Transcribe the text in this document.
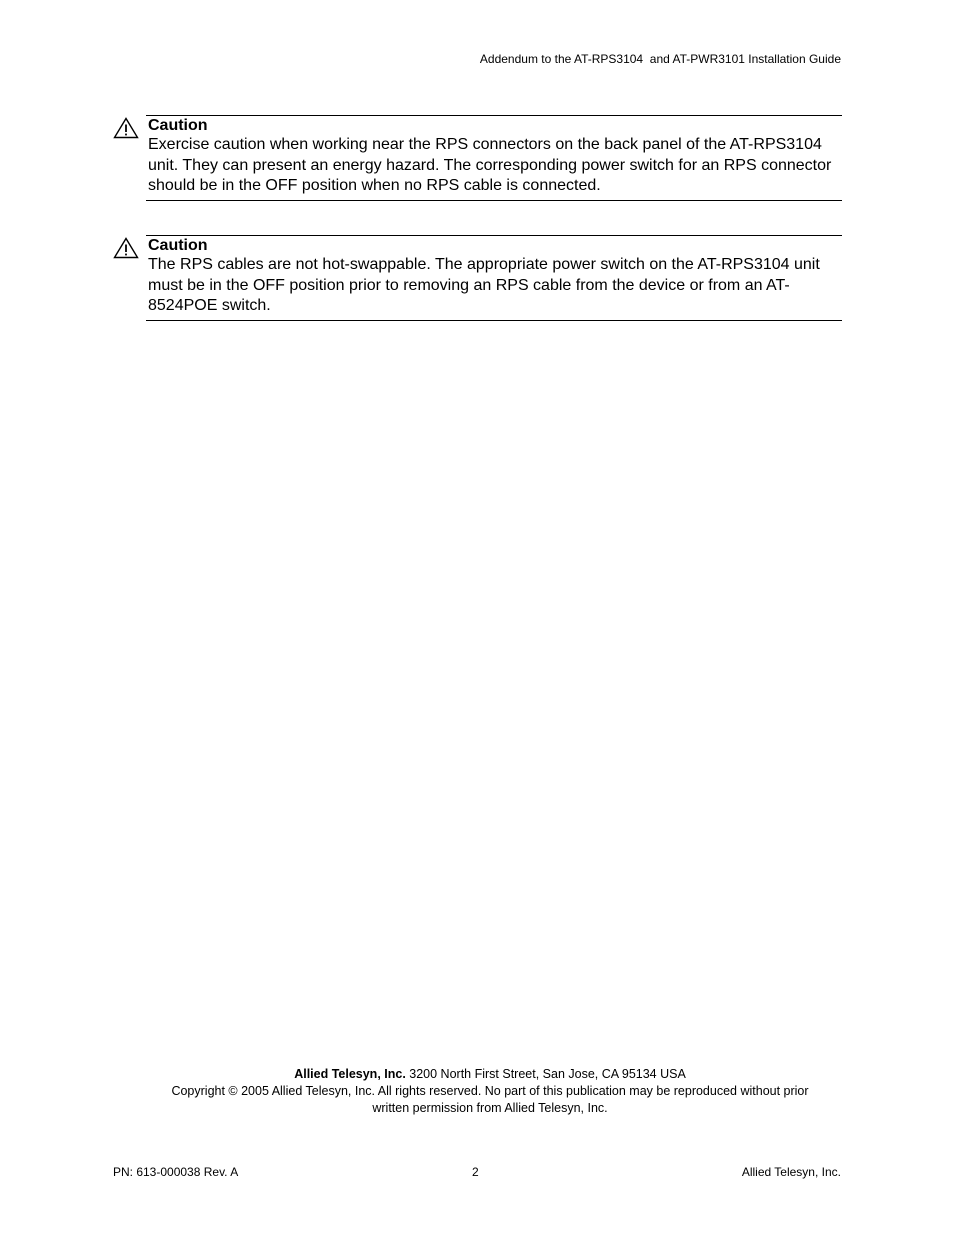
Addendum to the AT-RPS3104  and AT-PWR3101 Installation Guide
Caution
Exercise caution when working near the RPS connectors on the back panel of the AT-RPS3104 unit. They can present an energy hazard. The corresponding power switch for an RPS connector should be in the OFF position when no RPS cable is connected.
Caution
The RPS cables are not hot-swappable. The appropriate power switch on the AT-RPS3104 unit must be in the OFF position prior to removing an RPS cable from the device or from an AT-8524POE switch.
Allied Telesyn, Inc. 3200 North First Street, San Jose, CA 95134 USA
Copyright © 2005 Allied Telesyn, Inc. All rights reserved. No part of this publication may be reproduced without prior
written permission from Allied Telesyn, Inc.
PN: 613-000038 Rev. A	2	Allied Telesyn, Inc.
